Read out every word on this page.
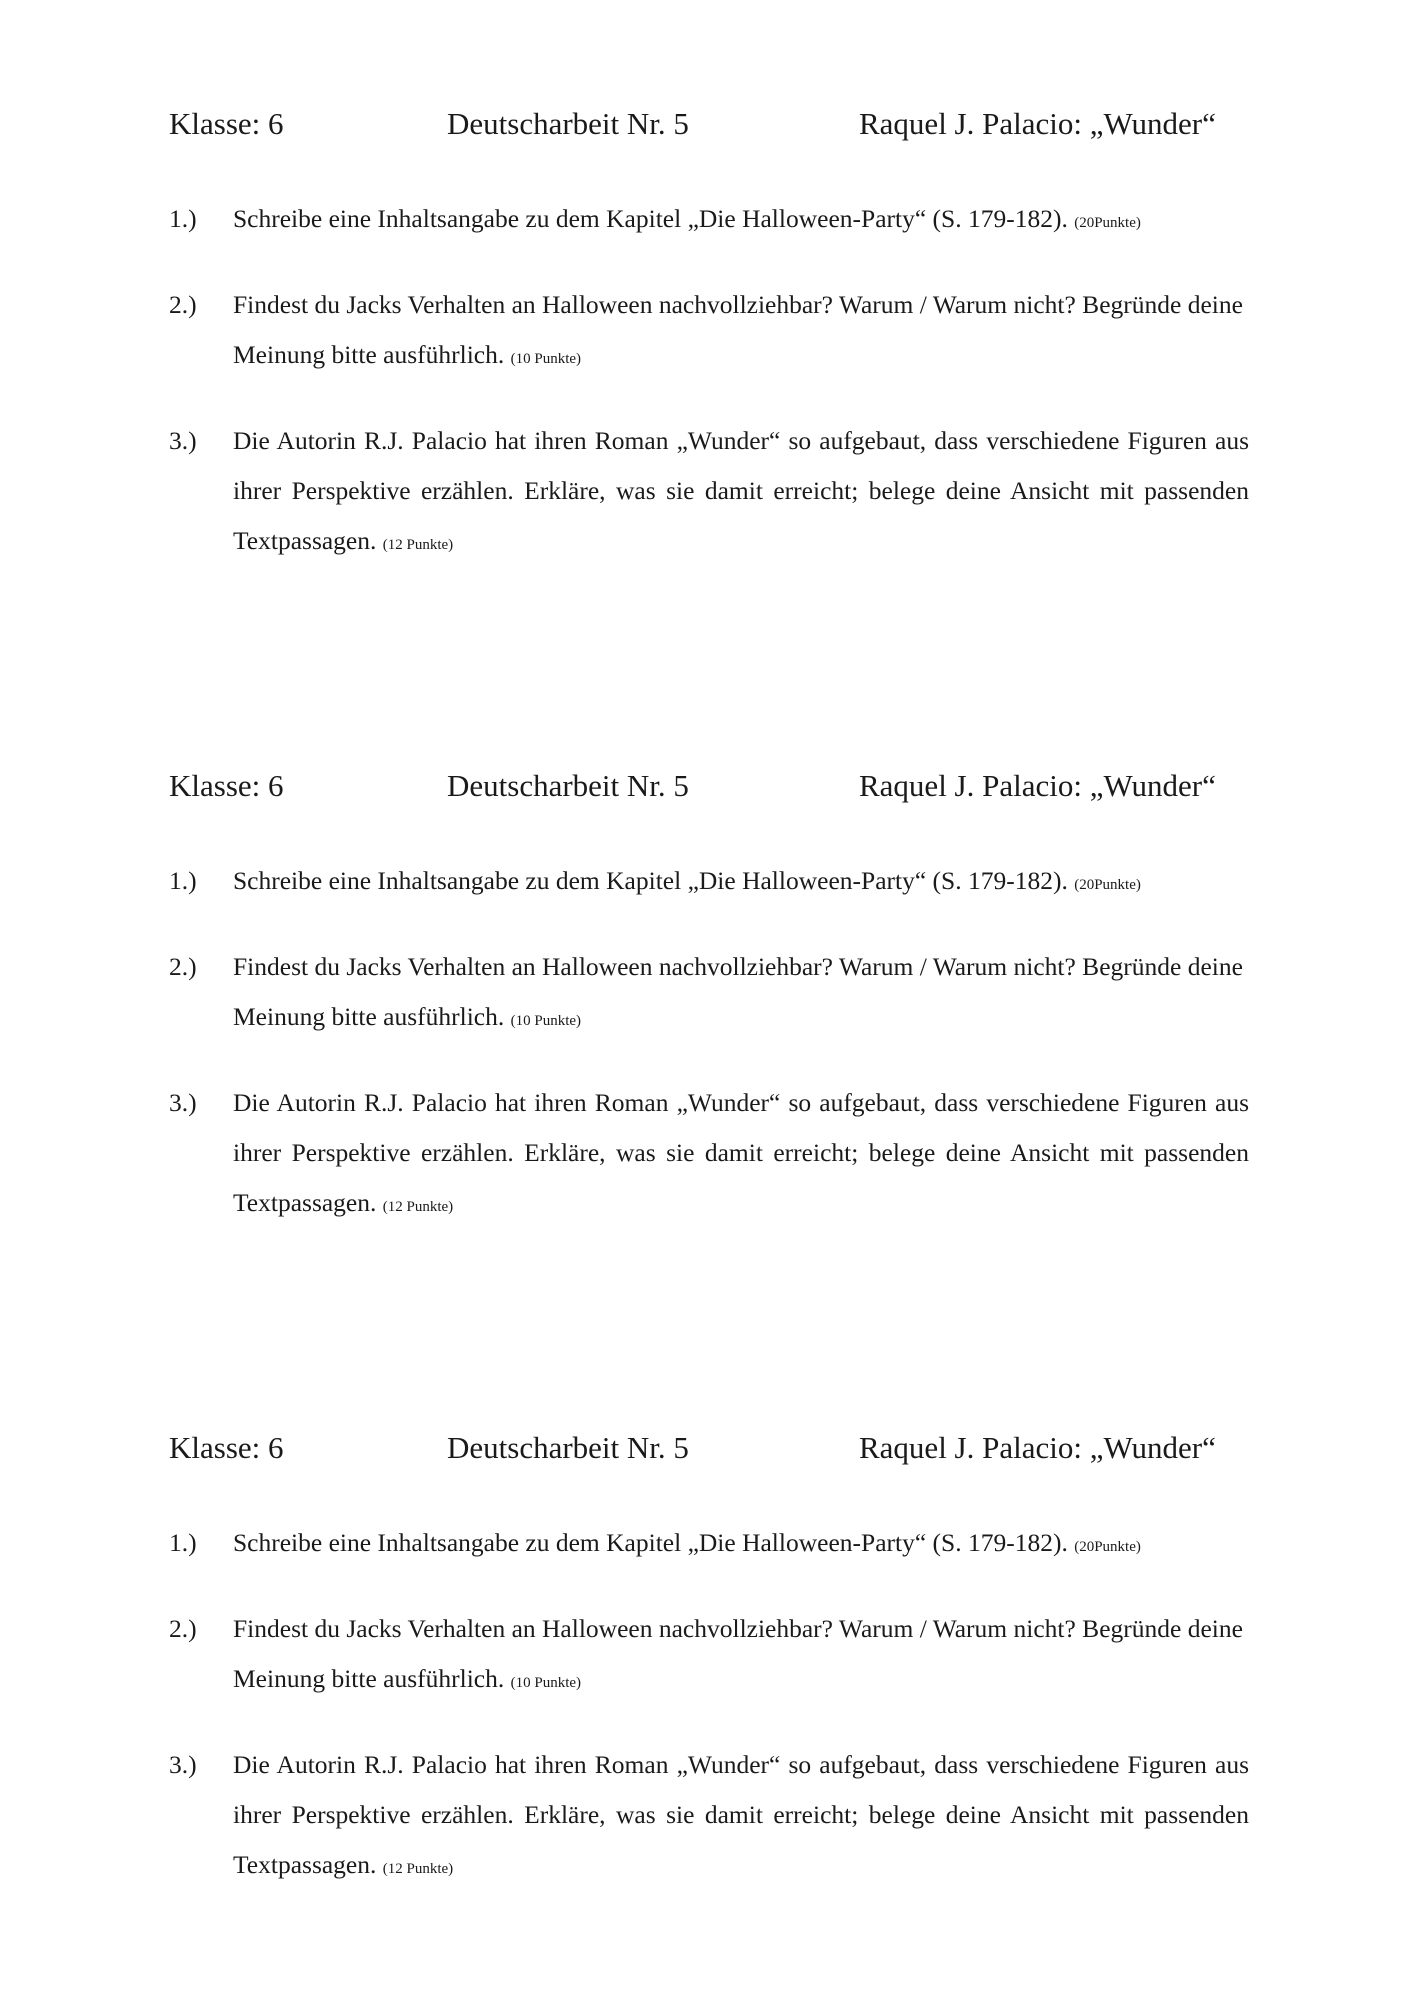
Klasse: 6	Deutscharbeit Nr. 5	Raquel J. Palacio: „Wunder“
1.) Schreibe eine Inhaltsangabe zu dem Kapitel „Die Halloween-Party“ (S. 179-182). (20Punkte)
2.) Findest du Jacks Verhalten an Halloween nachvollziehbar? Warum / Warum nicht? Begründe deine Meinung bitte ausführlich. (10 Punkte)
3.) Die Autorin R.J. Palacio hat ihren Roman „Wunder“ so aufgebaut, dass verschiedene Figuren aus ihrer Perspektive erzählen. Erkläre, was sie damit erreicht; belege deine Ansicht mit passenden Textpassagen. (12 Punkte)
Klasse: 6	Deutscharbeit Nr. 5	Raquel J. Palacio: „Wunder“
1.) Schreibe eine Inhaltsangabe zu dem Kapitel „Die Halloween-Party“ (S. 179-182). (20Punkte)
2.) Findest du Jacks Verhalten an Halloween nachvollziehbar? Warum / Warum nicht? Begründe deine Meinung bitte ausführlich. (10 Punkte)
3.) Die Autorin R.J. Palacio hat ihren Roman „Wunder“ so aufgebaut, dass verschiedene Figuren aus ihrer Perspektive erzählen. Erkläre, was sie damit erreicht; belege deine Ansicht mit passenden Textpassagen. (12 Punkte)
Klasse: 6	Deutscharbeit Nr. 5	Raquel J. Palacio: „Wunder“
1.) Schreibe eine Inhaltsangabe zu dem Kapitel „Die Halloween-Party“ (S. 179-182). (20Punkte)
2.) Findest du Jacks Verhalten an Halloween nachvollziehbar? Warum / Warum nicht? Begründe deine Meinung bitte ausführlich. (10 Punkte)
3.) Die Autorin R.J. Palacio hat ihren Roman „Wunder“ so aufgebaut, dass verschiedene Figuren aus ihrer Perspektive erzählen. Erkläre, was sie damit erreicht; belege deine Ansicht mit passenden Textpassagen. (12 Punkte)
